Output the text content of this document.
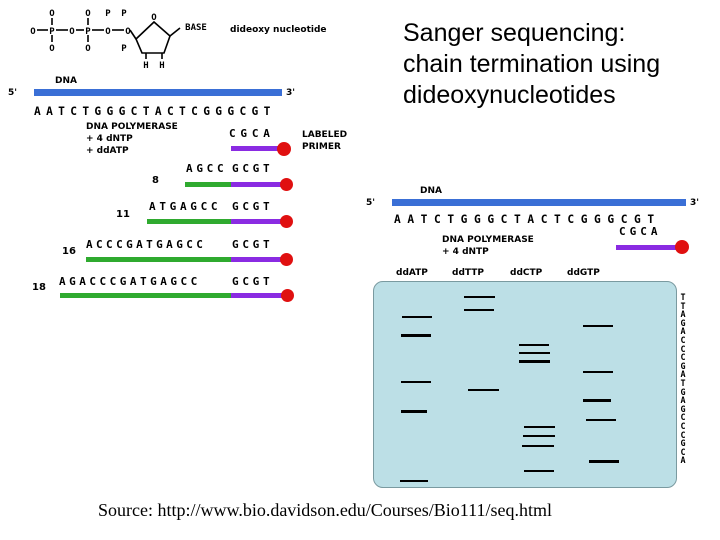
Sanger sequencing:
chain termination using
dideoxynucleotides
O
O
P
O
O
O
P
O
O O
P
P
P	O
H H
BASE	dideoxy nucleotide
DNA
5'	3'
AATCTGGGCTACTCGGGCGT
DNA POLYMERASE
+ 4 dNTP
+ ddATP
CGCA	LABELED
PRIMER
AGCC GCGT
8
ATGAGCC GCGT
11
ACCCGATGAGCC GCGT
16
AGACCCGATGAGCC	GCGT
18
DNA
5'	3'
AATCTGGGCTACTCGGGCGT
CGCA
DNA POLYMERASE
+ 4 dNTP
ddATP	ddTTP	ddCTP	ddGTP
T
T
A
G
A
C
C
C
G
A
T
G
A
G
C
C
C
G
C
A
Source: http://www.bio.davidson.edu/Courses/Bio111/seq.html
